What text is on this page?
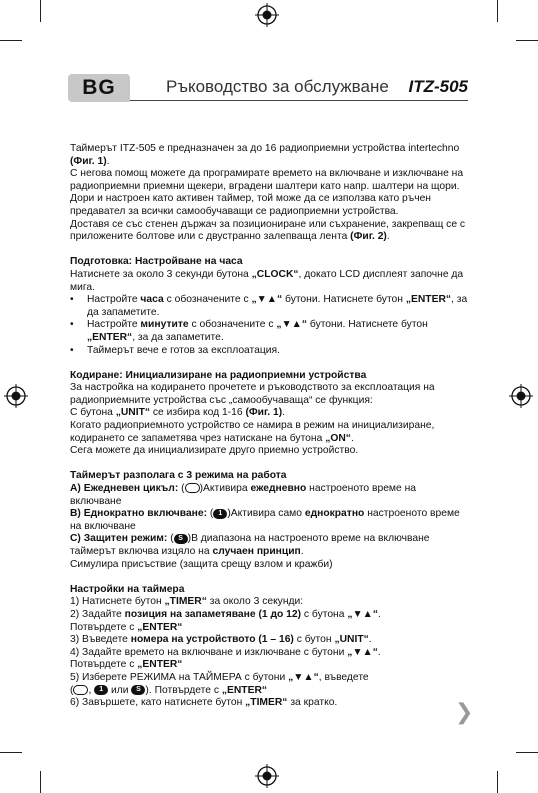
BG	Ръководство за обслужване ITZ-505

Таймерът ITZ-505 е предназначен за до 16 радиоприемни устройства intertechno (Фиг. 1).

С негова помощ можете да програмирате времето на включване и изключване на радиоприемни приемни щекери, вградени шалтери като напр. шалтери на щори.

Дори и настроен като активен таймер, той може да се използва като ръчен предавател за всички самообучаващи се радиоприемни устройства.

Доставя се със стенен държач за позициониране или съхранение, закрепващ се с приложените болтове или с двустранно залепваща лента (Фиг. 2).

Подготовка: Настройване на часа

Натиснете за около 3 секунди бутона „CLOCK“, докато LCD дисплеят започне да мига.

• Настройте часа с обозначените с „▼▲“ бутони. Натиснете бутон „ENTER“, за да запаметите.

• Настройте минутите с обозначените с „▼▲“ бутони. Натиснете бутон „ENTER“, за да запаметите.

• Таймерът вече е готов за експлоатация.

Кодиране: Инициализиране на радиоприемни устройства

За настройка на кодирането прочетете и ръководството за експлоатация на радиоприемните устройства със „самообучаваща“ се функция:

С бутона „UNIT“ се избира код 1-16 (Фиг. 1).

Когато радиоприемното устройство се намира в режим на инициализиране,

кодирането се запаметява чрез натискане на бутона „ON“.

Сега можете да инициализирате друго приемно устройство.

Таймерът разполага с 3 режима на работа

А) Ежедневен цикъл: ( ⟲ )Активира ежедневно настроеното време на включване

В) Еднократно включване: ( 1 )Активира само еднократно настроеното време на включване

С) Защитен режим: ( S )В диапазона на настроеното време на включване таймерът включва изцяло на случаен принцип.

Симулира присъствие (защита срещу взлом и кражби)

Настройки на таймера

1) Натиснете бутон „TIMER“ за около 3 секунди:

2) Задайте позиция на запаметяване (1 до 12) с бутона „▼▲“.

Потвърдете с „ENTER“

3) Въведете номера на устройството (1 – 16) с бутон „UNIT“.

4) Задайте времето на включване и изключване с бутони „▼▲“.

Потвърдете с „ENTER“

5) Изберете РЕЖИМА на ТАЙМЕРА с бутони „▼▲“, въведете

( ⟲ , 1 или S ). Потвърдете с „ENTER“

6) Завършете, като натиснете бутон „TIMER“ за кратко.	❯
